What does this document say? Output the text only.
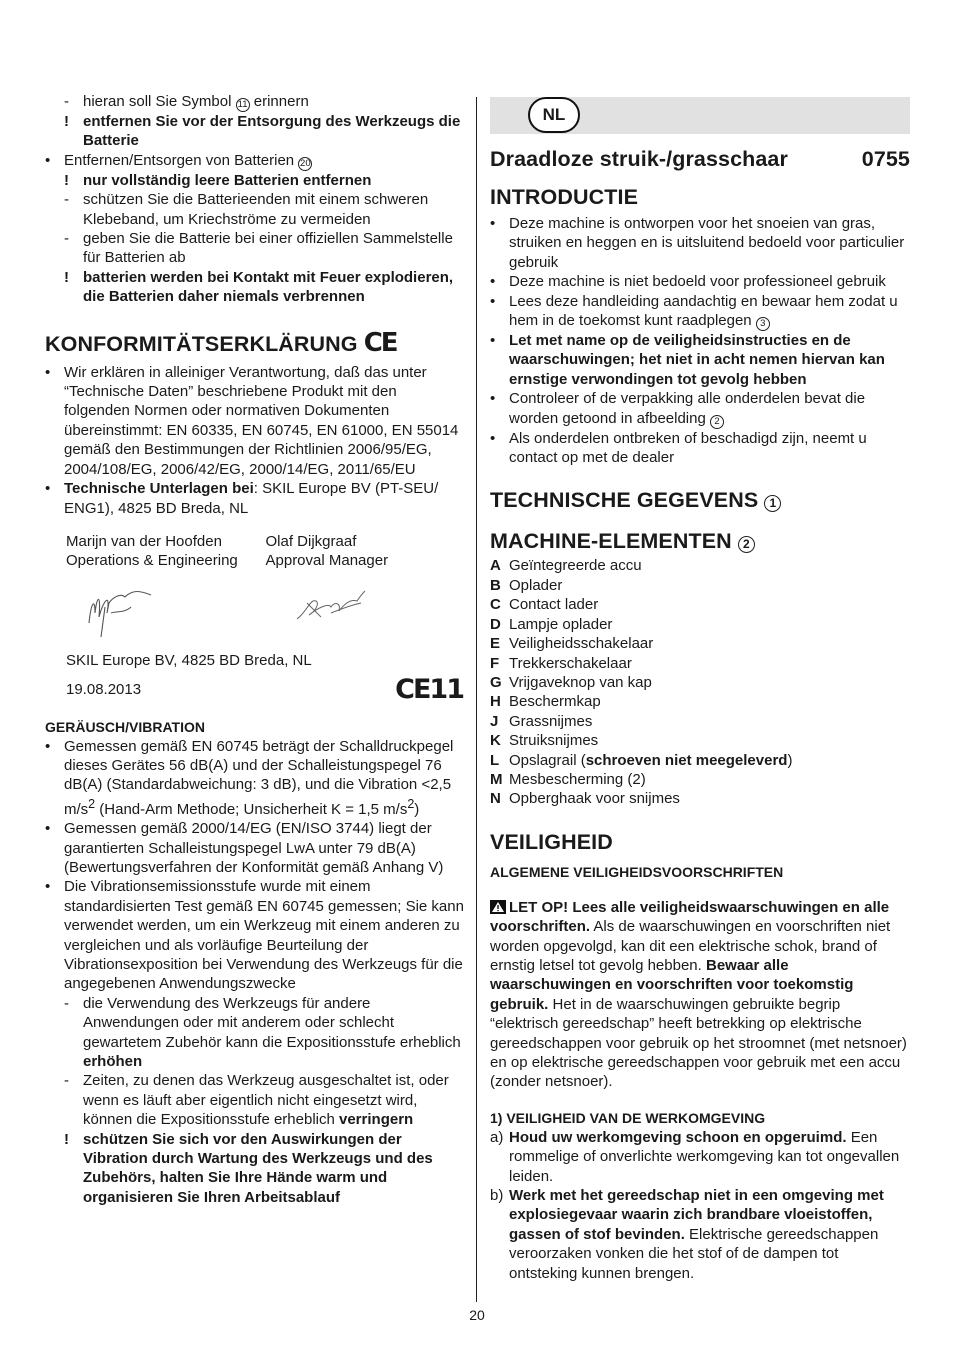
- hieran soll Sie Symbol 11 erinnern
! entfernen Sie vor der Entsorgung des Werkzeugs die Batterie
• Entfernen/Entsorgen von Batterien 20
! nur vollständig leere Batterien entfernen
- schützen Sie die Batterieenden mit einem schweren Klebeband, um Kriechströme zu vermeiden
- geben Sie die Batterie bei einer offiziellen Sammelstelle für Batterien ab
! batterien werden bei Kontakt mit Feuer explodieren, die Batterien daher niemals verbrennen
KONFORMITÄTSERKLÄRUNG CE
• Wir erklären in alleiniger Verantwortung, daß das unter “Technische Daten” beschriebene Produkt mit den folgenden Normen oder normativen Dokumenten übereinstimmt: EN 60335, EN 60745, EN 61000, EN 55014 gemäß den Bestimmungen der Richtlinien 2006/95/EG, 2004/108/EG, 2006/42/EG, 2000/14/EG, 2011/65/EU
• Technische Unterlagen bei: SKIL Europe BV (PT-SEU/ ENG1), 4825 BD Breda, NL
Marijn van der Hoofden
Operations & Engineering
Olaf Dijkgraaf
Approval Manager
SKIL Europe BV, 4825 BD Breda, NL
19.08.2013	CE11
GERÄUSCH/VIBRATION
• Gemessen gemäß EN 60745 beträgt der Schalldruckpegel dieses Gerätes 56 dB(A) und der Schalleistungspegel 76 dB(A) (Standardabweichung: 3 dB), und die Vibration <2,5 $m/s^2$ (Hand-Arm Methode; Unsicherheit K = 1,5 $m/s^2$)
• Gemessen gemäß 2000/14/EG (EN/ISO 3744) liegt der garantierten Schalleistungspegel LwA unter 79 dB(A) (Bewertungsverfahren der Konformität gemäß Anhang V)
• Die Vibrationsemissionsstufe wurde mit einem standardisierten Test gemäß EN 60745 gemessen; Sie kann verwendet werden, um ein Werkzeug mit einem anderen zu vergleichen und als vorläufige Beurteilung der Vibrationsexposition bei Verwendung des Werkzeugs für die angegebenen Anwendungszwecke
- die Verwendung des Werkzeugs für andere Anwendungen oder mit anderem oder schlecht gewartetem Zubehör kann die Expositionsstufe erheblich erhöhen
- Zeiten, zu denen das Werkzeug ausgeschaltet ist, oder wenn es läuft aber eigentlich nicht eingesetzt wird, können die Expositionsstufe erheblich verringern
! schützen Sie sich vor den Auswirkungen der Vibration durch Wartung des Werkzeugs und des Zubehörs, halten Sie Ihre Hände warm und organisieren Sie Ihren Arbeitsablauf
NL
Draadloze struik-/grasschaar	0755
INTRODUCTIE
• Deze machine is ontworpen voor het snoeien van gras, struiken en heggen en is uitsluitend bedoeld voor particulier gebruik
• Deze machine is niet bedoeld voor professioneel gebruik
• Lees deze handleiding aandachtig en bewaar hem zodat u hem in de toekomst kunt raadplegen 3
• Let met name op de veiligheidsinstructies en de waarschuwingen; het niet in acht nemen hiervan kan ernstige verwondingen tot gevolg hebben
• Controleer of de verpakking alle onderdelen bevat die worden getoond in afbeelding 2
• Als onderdelen ontbreken of beschadigd zijn, neemt u contact op met de dealer
TECHNISCHE GEGEVENS 1
MACHINE-ELEMENTEN 2
A Geïntegreerde accu
B Oplader
C Contact lader
D Lampje oplader
E Veiligheidsschakelaar
F Trekkerschakelaar
G Vrijgaveknop van kap
H Beschermkap
J Grassnijmes
K Struiksnijmes
L Opslagrail (schroeven niet meegeleverd)
M Mesbescherming (2)
N Opberghaak voor snijmes
VEILIGHEID
ALGEMENE VEILIGHEIDSVOORSCHRIFTEN
LET OP! Lees alle veiligheidswaarschuwingen en alle voorschriften. Als de waarschuwingen en voorschriften niet worden opgevolgd, kan dit een elektrische schok, brand of ernstig letsel tot gevolg hebben. Bewaar alle waarschuwingen en voorschriften voor toekomstig gebruik. Het in de waarschuwingen gebruikte begrip “elektrisch gereedschap” heeft betrekking op elektrische gereedschappen voor gebruik op het stroomnet (met netsnoer) en op elektrische gereedschappen voor gebruik met een accu (zonder netsnoer).
1) VEILIGHEID VAN DE WERKOMGEVING
a) Houd uw werkomgeving schoon en opgeruimd. Een rommelige of onverlichte werkomgeving kan tot ongevallen leiden.
b) Werk met het gereedschap niet in een omgeving met explosiegevaar waarin zich brandbare vloeistoffen, gassen of stof bevinden. Elektrische gereedschappen veroorzaken vonken die het stof of de dampen tot ontsteking kunnen brengen.
20
